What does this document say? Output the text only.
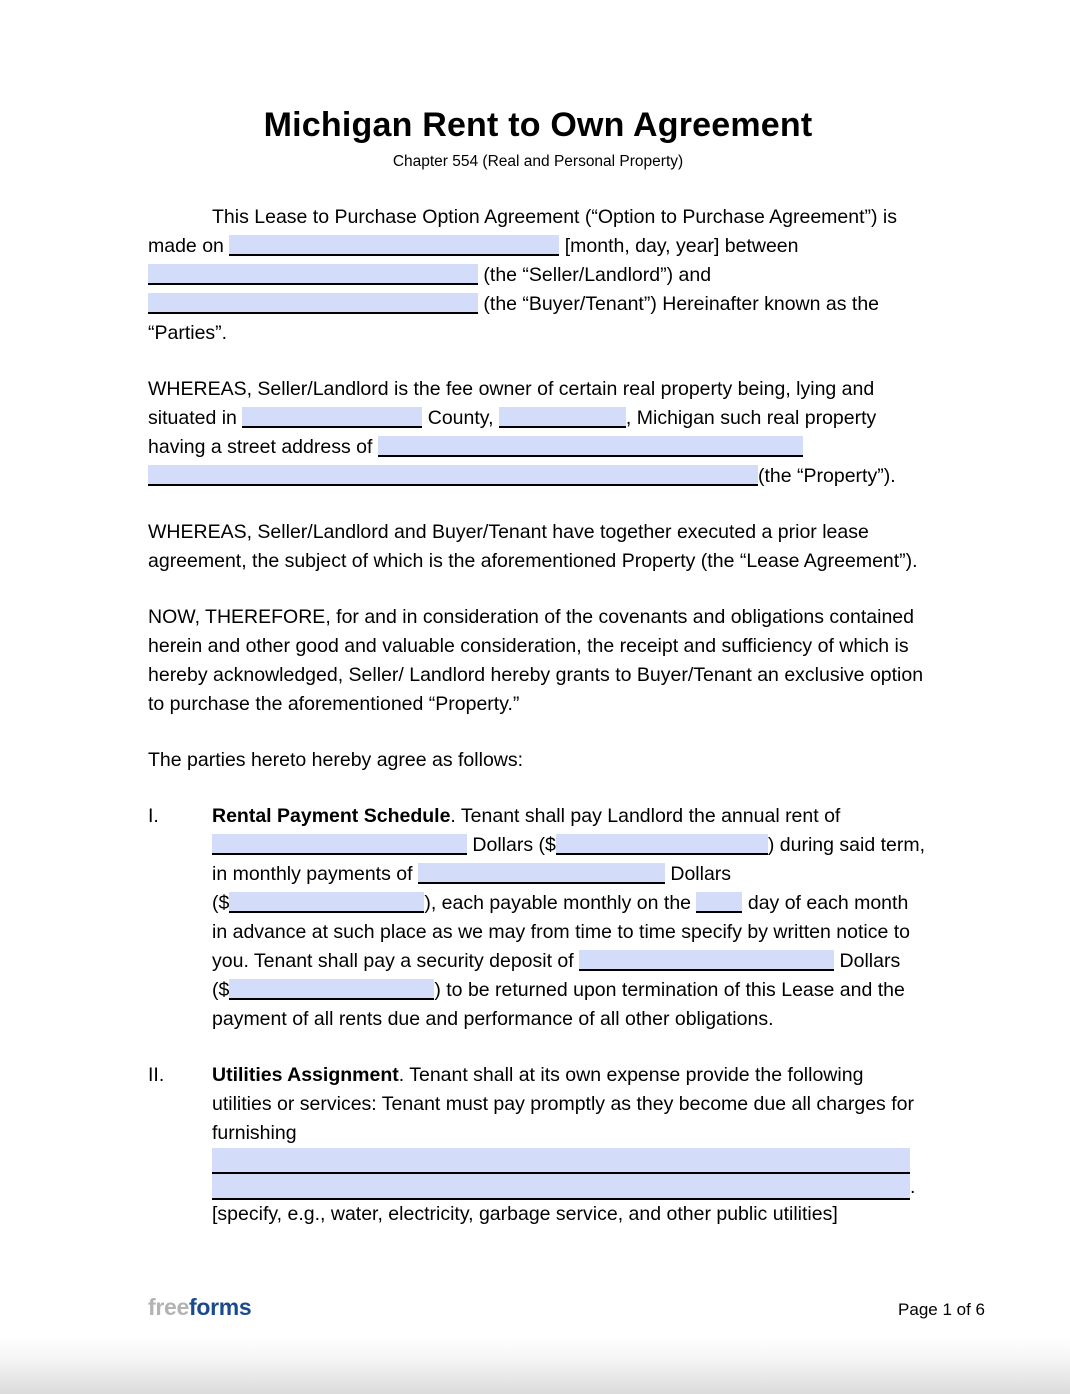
Michigan Rent to Own Agreement
Chapter 554 (Real and Personal Property)

This Lease to Purchase Option Agreement (“Option to Purchase Agreement”) is made on	[month, day, year] between  (the “Seller/Landlord”) and  (the “Buyer/Tenant”) Hereinafter known as the “Parties”.

WHEREAS, Seller/Landlord is the fee owner of certain real property being, lying and situated in	County,	, Michigan such real property having a street address of  (the “Property”).

WHEREAS, Seller/Landlord and Buyer/Tenant have together executed a prior lease agreement, the subject of which is the aforementioned Property (the “Lease Agreement”).

NOW, THEREFORE, for and in consideration of the covenants and obligations contained herein and other good and valuable consideration, the receipt and sufficiency of which is hereby acknowledged, Seller/ Landlord hereby grants to Buyer/Tenant an exclusive option to purchase the aforementioned “Property.”

The parties hereto hereby agree as follows:

I.	Rental Payment Schedule. Tenant shall pay Landlord the annual rent of  Dollars ($	) during said term, in monthly payments of	Dollars ($	), each payable monthly on the  day of each month in advance at such place as we may from time to time specify by written notice to you. Tenant shall pay a security deposit of	Dollars ($	) to be returned upon termination of this Lease and the payment of all rents due and performance of all other obligations.
II.	Utilities Assignment. Tenant shall at its own expense provide the following utilities or services: Tenant must pay promptly as they become due all charges for furnishing
.
[specify, e.g., water, electricity, garbage service, and other public utilities]
freeforms	Page 1 of 6
